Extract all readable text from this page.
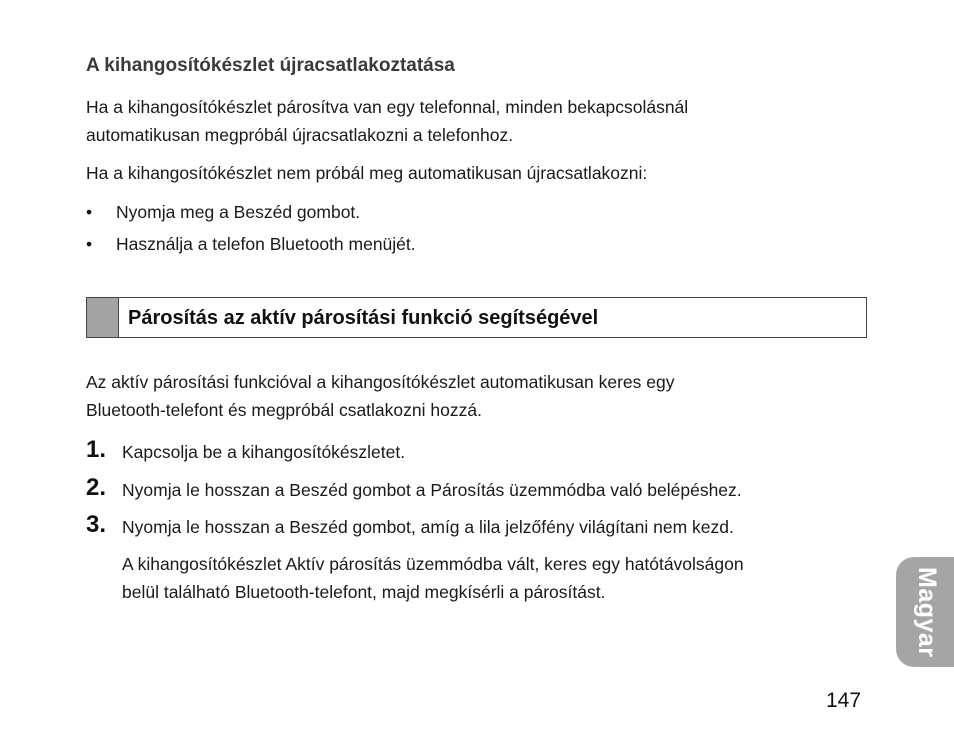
A kihangosítókészlet újracsatlakoztatása
Ha a kihangosítókészlet párosítva van egy telefonnal, minden bekapcsolásnál
automatikusan megpróbál újracsatlakozni a telefonhoz.
Ha a kihangosítókészlet nem próbál meg automatikusan újracsatlakozni:
• Nyomja meg a Beszéd gombot.
• Használja a telefon Bluetooth menüjét.
Párosítás az aktív párosítási funkció segítségével
Az aktív párosítási funkcióval a kihangosítókészlet automatikusan keres egy
Bluetooth-telefont és megpróbál csatlakozni hozzá.
1. Kapcsolja be a kihangosítókészletet.
2. Nyomja le hosszan a Beszéd gombot a Párosítás üzemmódba való belépéshez.
3. Nyomja le hosszan a Beszéd gombot, amíg a lila jelzőfény világítani nem kezd.
A kihangosítókészlet Aktív párosítás üzemmódba vált, keres egy hatótávolságon
belül található Bluetooth-telefont, majd megkísérli a párosítást.	Magyar
147
